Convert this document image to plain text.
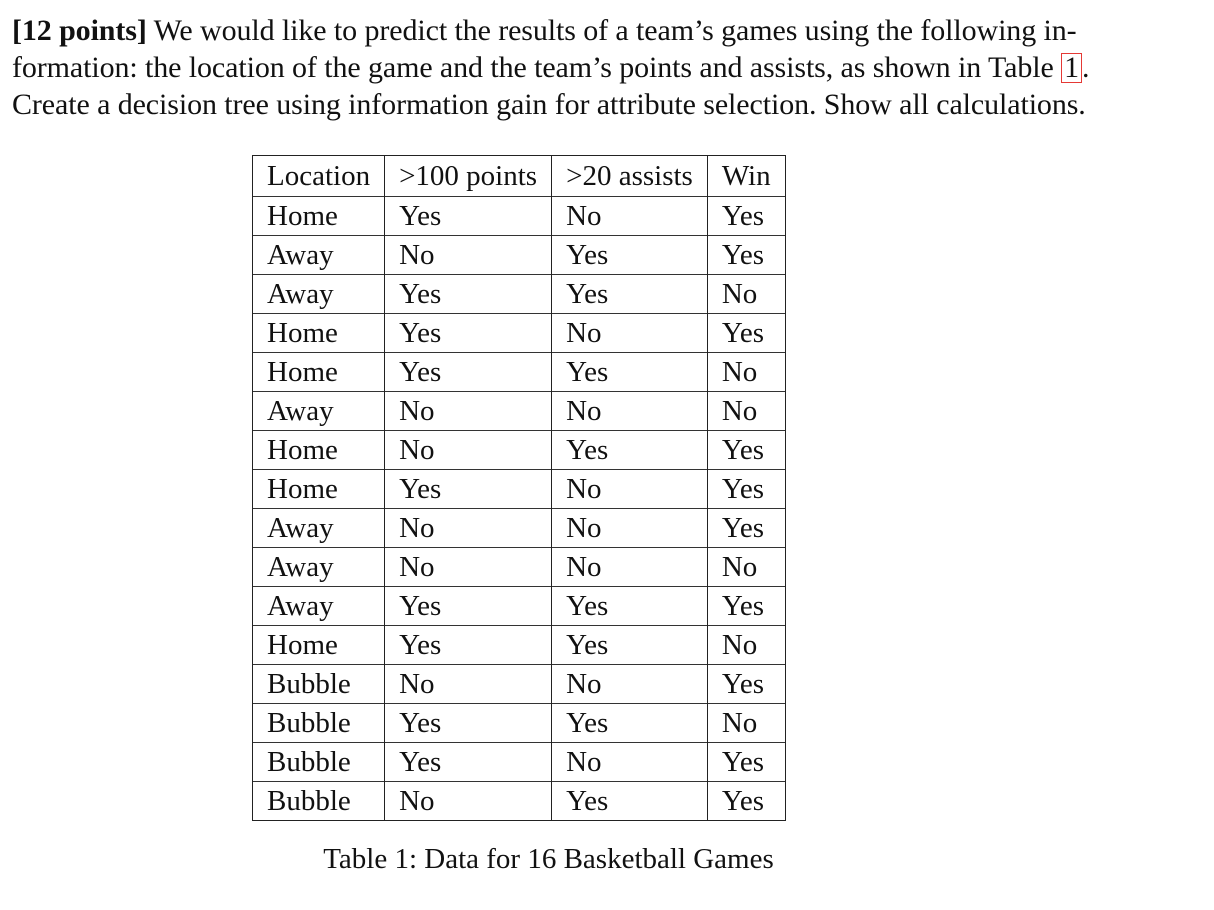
[12 points] We would like to predict the results of a team’s games using the following in-
formation: the location of the game and the team’s points and assists, as shown in Table 1 .
Create a decision tree using information gain for attribute selection. Show all calculations.
Location	>100 points	>20 assists	Win
Home	Yes	No	Yes
Away	No	Yes	Yes
Away	Yes	Yes	No
Home	Yes	No	Yes
Home	Yes	Yes	No
Away	No	No	No
Home	No	Yes	Yes
Home	Yes	No	Yes
Away	No	No	Yes
Away	No	No	No
Away	Yes	Yes	Yes
Home	Yes	Yes	No
Bubble	No	No	Yes
Bubble	Yes	Yes	No
Bubble	Yes	No	Yes
Bubble	No	Yes	Yes
Table 1: Data for 16 Basketball Games
